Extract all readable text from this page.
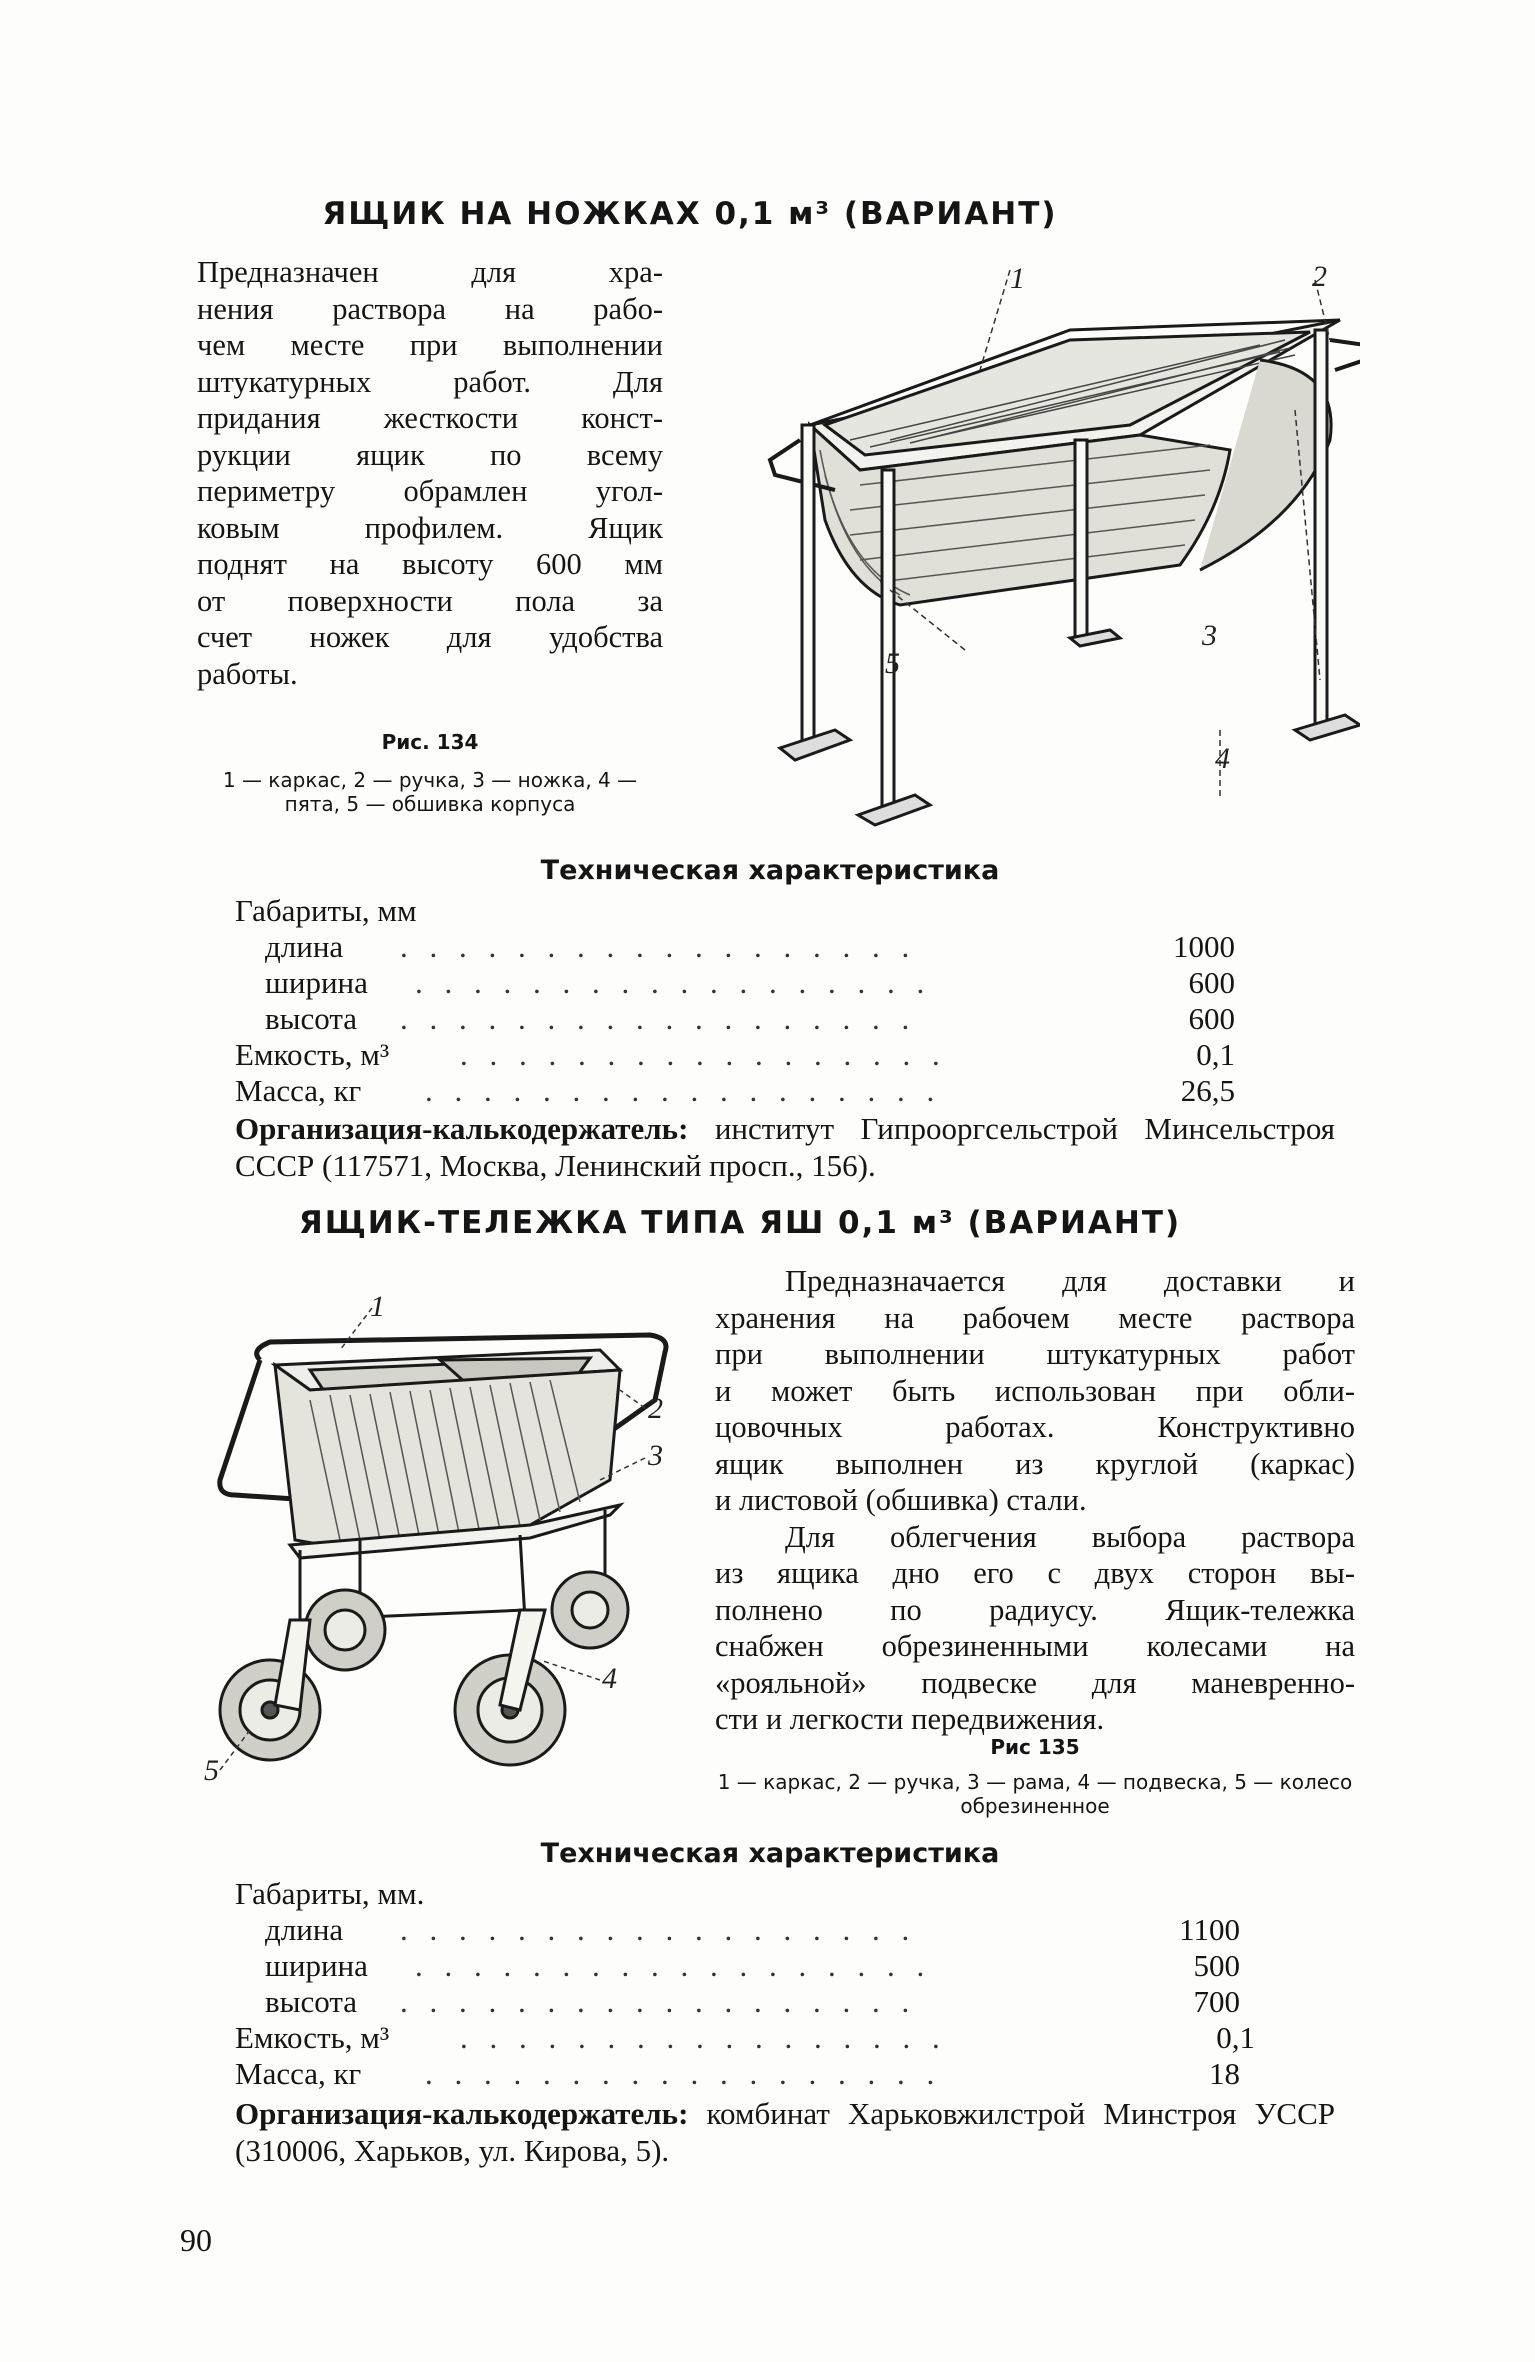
ЯЩИК НА НОЖКАХ 0,1 м³ (ВАРИАНТ)
Предназначен для хра-
нения раствора на рабо-
чем месте при выполнении
штукатурных работ. Для
придания жесткости конст-
рукции ящик по всему
периметру обрамлен угол-
ковым профилем. Ящик
поднят на высоту 600 мм
от поверхности пола за
счет ножек для удобства
работы.
Рис. 134
1 — каркас, 2 — ручка, 3 — ножка, 4 — пята, 5 — обшивка корпуса
1	2
3
4
5
Техническая характеристика
Габариты, мм
длина . . . . . . . . . . . . . . . . . .	1000
ширина . . . . . . . . . . . . . . . . . .	600
высота . . . . . . . . . . . . . . . . . .	600
Емкость, м³ . . . . . . . . . . . . . . . . .	0,1
Масса, кг . . . . . . . . . . . . . . . . . .	26,5
Организация-калькодержатель: институт Гипрооргсельстрой Минсельстроя СССР (117571, Москва, Ленинский просп., 156).
ЯЩИК-ТЕЛЕЖКА ТИПА ЯШ 0,1 м³ (ВАРИАНТ)
1
2
3
4
5
Предназначается для доставки и
хранения на рабочем месте раствора
при выполнении штукатурных работ
и может быть использован при обли-
цовочных работах. Конструктивно
ящик выполнен из круглой (каркас)
и листовой (обшивка) стали.
Для облегчения выбора раствора
из ящика дно его с двух сторон вы-
полнено по радиусу. Ящик-тележка
снабжен обрезиненными колесами на
«рояльной» подвеске для маневренно-
сти и легкости передвижения.
Рис 135
1 — каркас, 2 — ручка, 3 — рама, 4 — подвеска, 5 — колесо обрезиненное
Техническая характеристика
Габариты, мм.
длина . . . . . . . . . . . . . . . . . .	1100
ширина . . . . . . . . . . . . . . . . . .	500
высота . . . . . . . . . . . . . . . . . .	700
Емкость, м³ . . . . . . . . . . . . . . . . .	0,1
Масса, кг . . . . . . . . . . . . . . . . . .	18
Организация-калькодержатель: комбинат Харьковжилстрой Минстроя УССР (310006, Харьков, ул. Кирова, 5).
90
